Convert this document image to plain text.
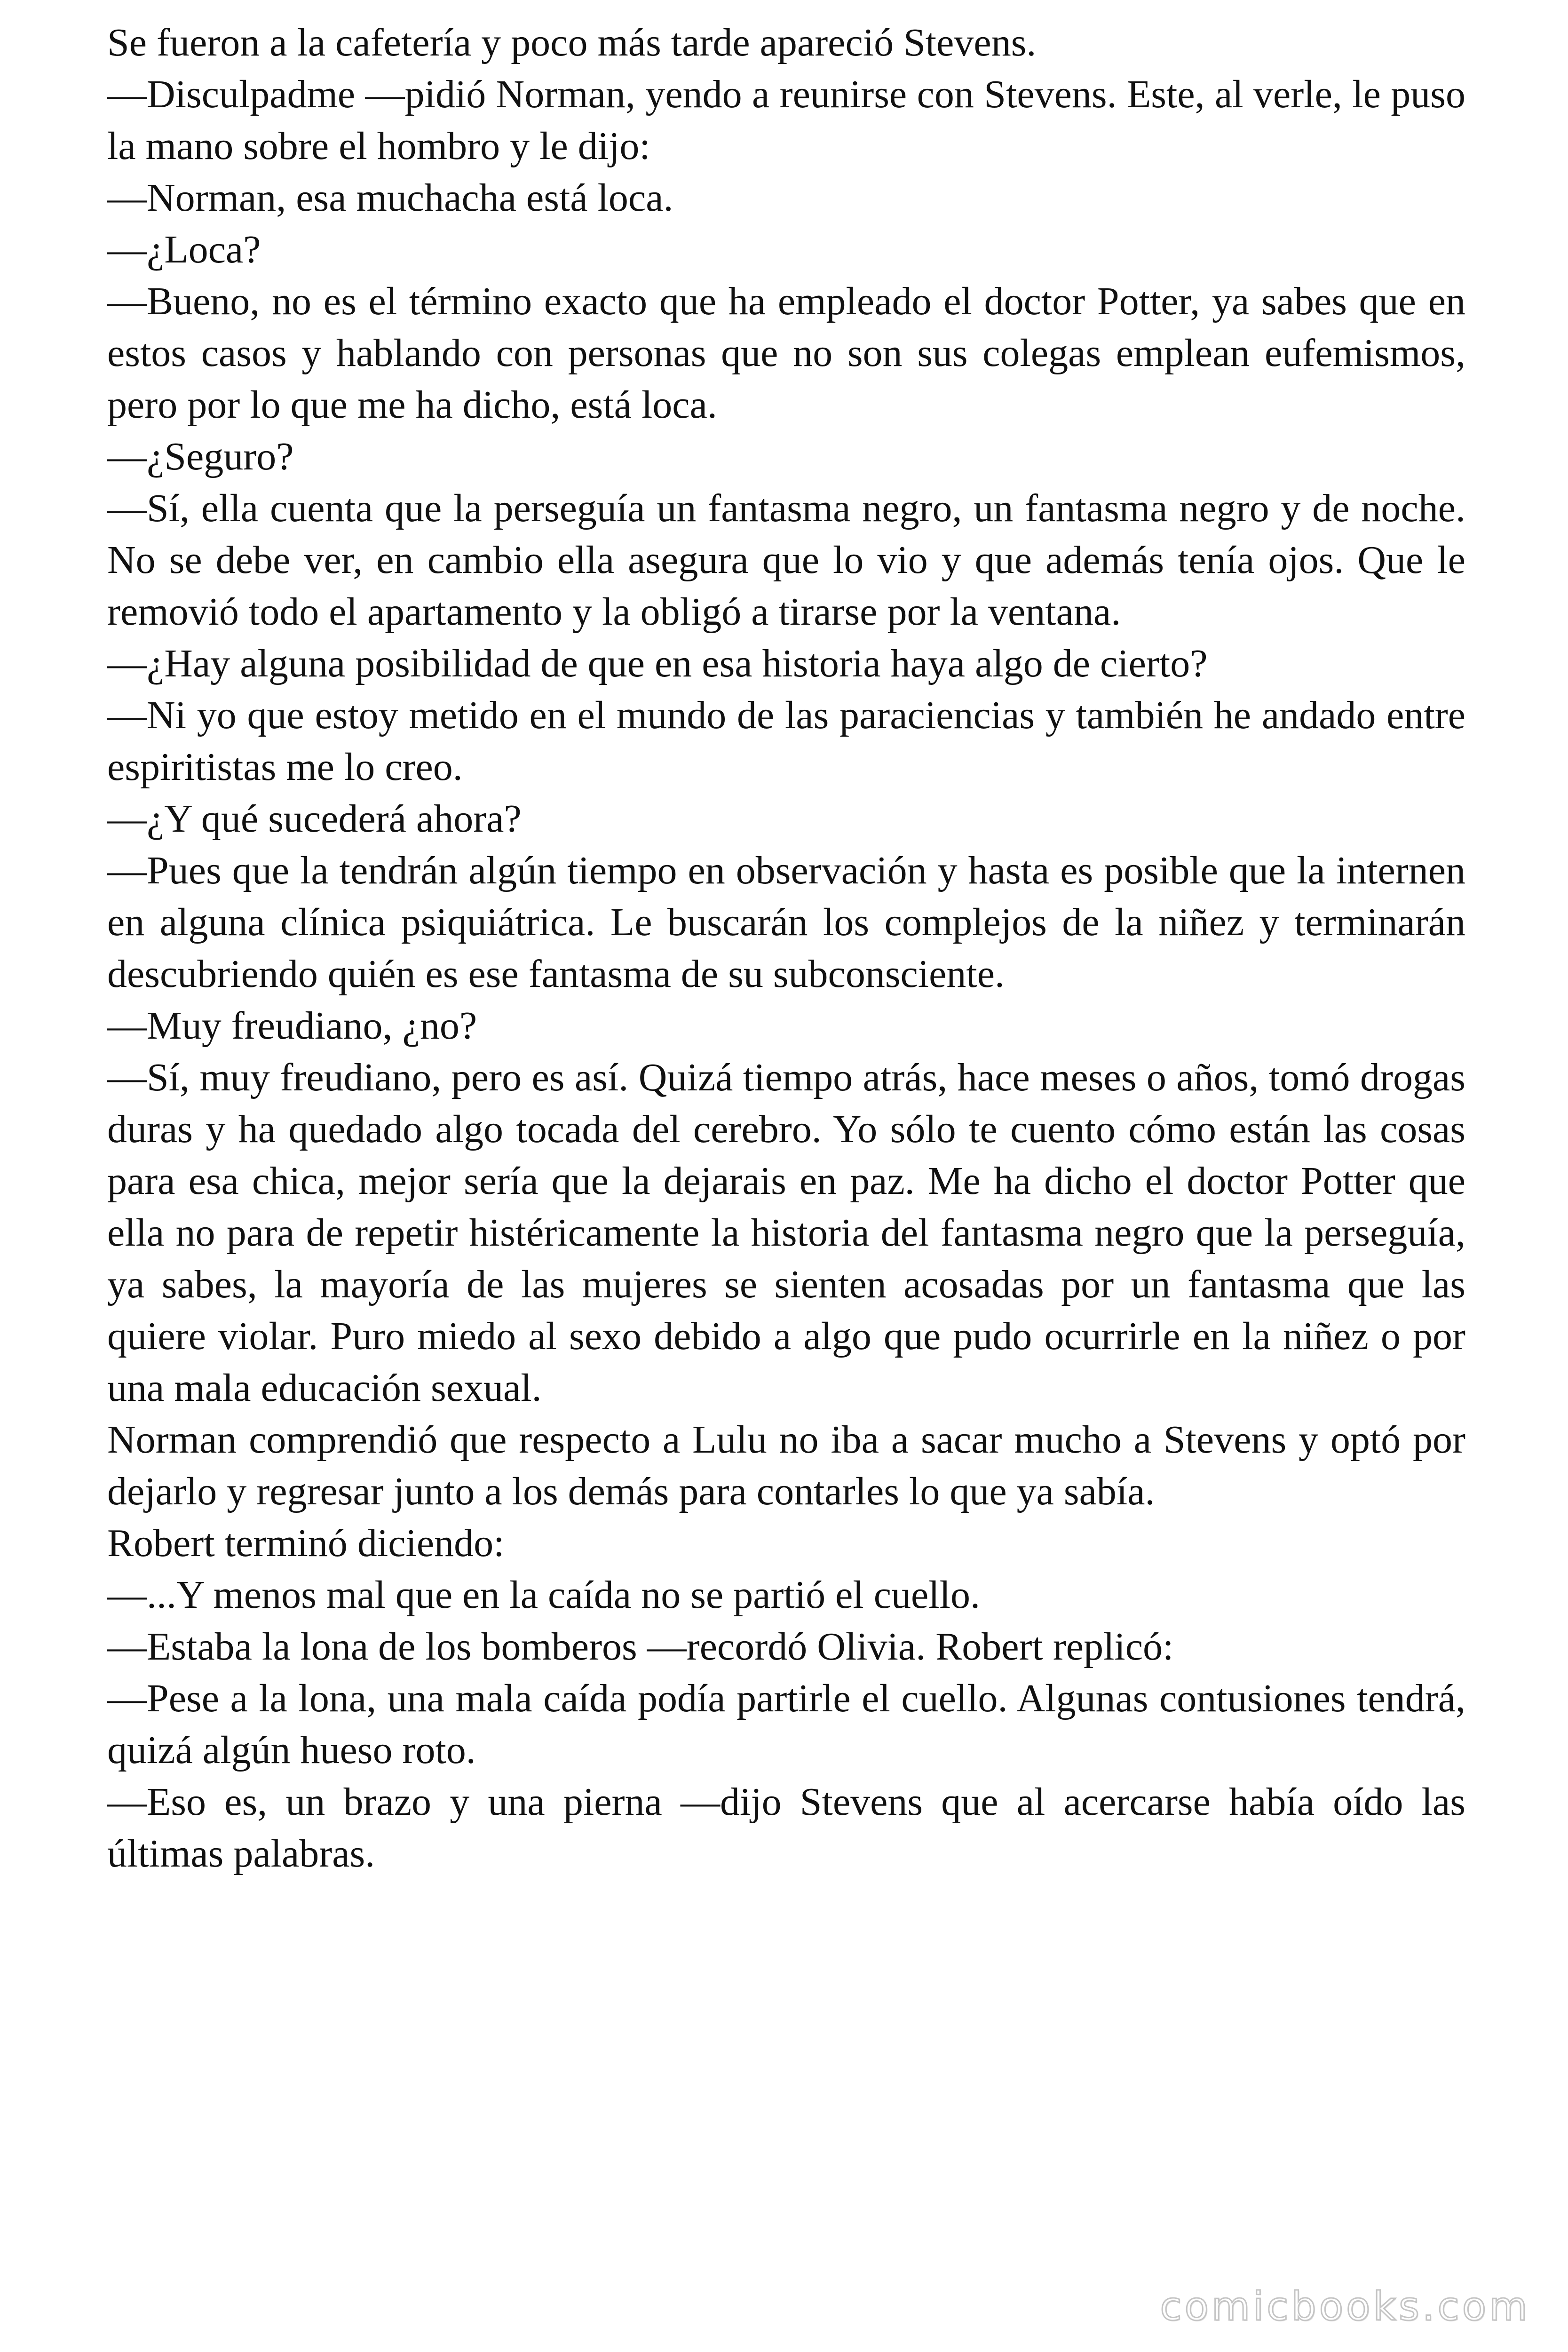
Se fueron a la cafetería y poco más tarde apareció Stevens.

—Disculpadme —pidió Norman, yendo a reunirse con Stevens. Este, al verle, le puso la mano sobre el hombro y le dijo:

—Norman, esa muchacha está loca.

—¿Loca?

—Bueno, no es el término exacto que ha empleado el doctor Potter, ya sabes que en estos casos y hablando con personas que no son sus colegas emplean eufemismos, pero por lo que me ha dicho, está loca.

—¿Seguro?

—Sí, ella cuenta que la perseguía un fantasma negro, un fantasma negro y de noche. No se debe ver, en cambio ella asegura que lo vio y que además tenía ojos. Que le removió todo el apartamento y la obligó a tirarse por la ventana.

—¿Hay alguna posibilidad de que en esa historia haya algo de cierto?

—Ni yo que estoy metido en el mundo de las paraciencias y también he andado entre espiritistas me lo creo.

—¿Y qué sucederá ahora?

—Pues que la tendrán algún tiempo en observación y hasta es posible que la internen en alguna clínica psiquiátrica. Le buscarán los complejos de la niñez y terminarán descubriendo quién es ese fantasma de su subconsciente.

—Muy freudiano, ¿no?

—Sí, muy freudiano, pero es así. Quizá tiempo atrás, hace meses o años, tomó drogas duras y ha quedado algo tocada del cerebro. Yo sólo te cuento cómo están las cosas para esa chica, mejor sería que la dejarais en paz. Me ha dicho el doctor Potter que ella no para de repetir histéricamente la historia del fantasma negro que la perseguía, ya sabes, la mayoría de las mujeres se sienten acosadas por un fantasma que las quiere violar. Puro miedo al sexo debido a algo que pudo ocurrirle en la niñez o por una mala educación sexual.

Norman comprendió que respecto a Lulu no iba a sacar mucho a Stevens y optó por dejarlo y regresar junto a los demás para contarles lo que ya sabía.

Robert terminó diciendo:

—...Y menos mal que en la caída no se partió el cuello.

—Estaba la lona de los bomberos —recordó Olivia. Robert replicó:

—Pese a la lona, una mala caída podía partirle el cuello. Algunas contusiones tendrá, quizá algún hueso roto.

—Eso es, un brazo y una pierna —dijo Stevens que al acercarse había oído las últimas palabras.

comicbooks.com
